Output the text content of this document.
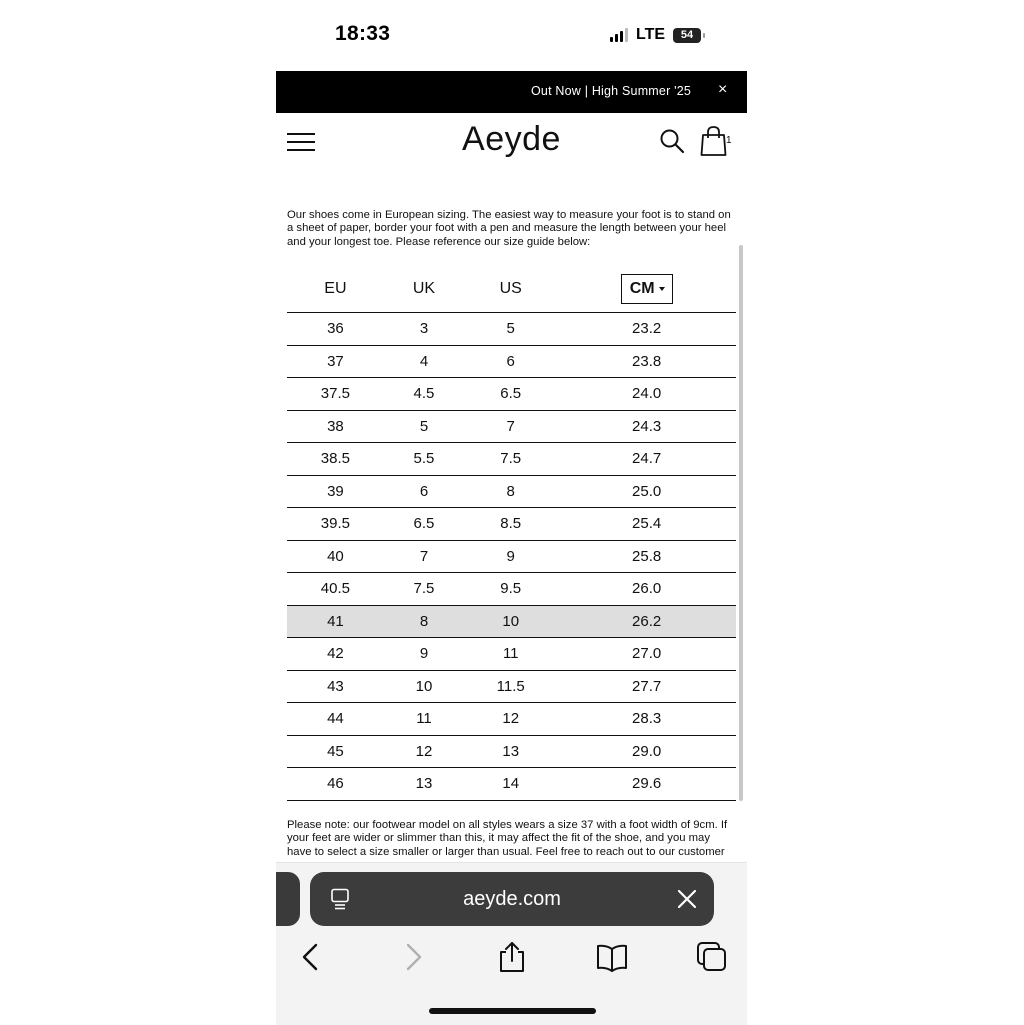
18:33	LTE 54
Out Now | High Summer '25 ×
Aeyde	1
Our shoes come in European sizing. The easiest way to measure your foot is to stand on a sheet of paper, border your foot with a pen and measure the length between your heel and your longest toe. Please reference our size guide below:
EU	UK	US	CM

36	3	5	23.2
37	4	6	23.8
37.5	4.5	6.5	24.0
38	5	7	24.3
38.5	5.5	7.5	24.7
39	6	8	25.0
39.5	6.5	8.5	25.4
40	7	9	25.8
40.5	7.5	9.5	26.0
41	8	10	26.2
42	9	11	27.0
43	10	11.5	27.7
44	11	12	28.3
45	12	13	29.0
46	13	14	29.6
Please note: our footwear model on all styles wears a size 37 with a foot width of 9cm. If your feet are wider or slimmer than this, it may affect the fit of the shoe, and you may have to select a size smaller or larger than usual. Feel free to reach out to our customer
aeyde.com
